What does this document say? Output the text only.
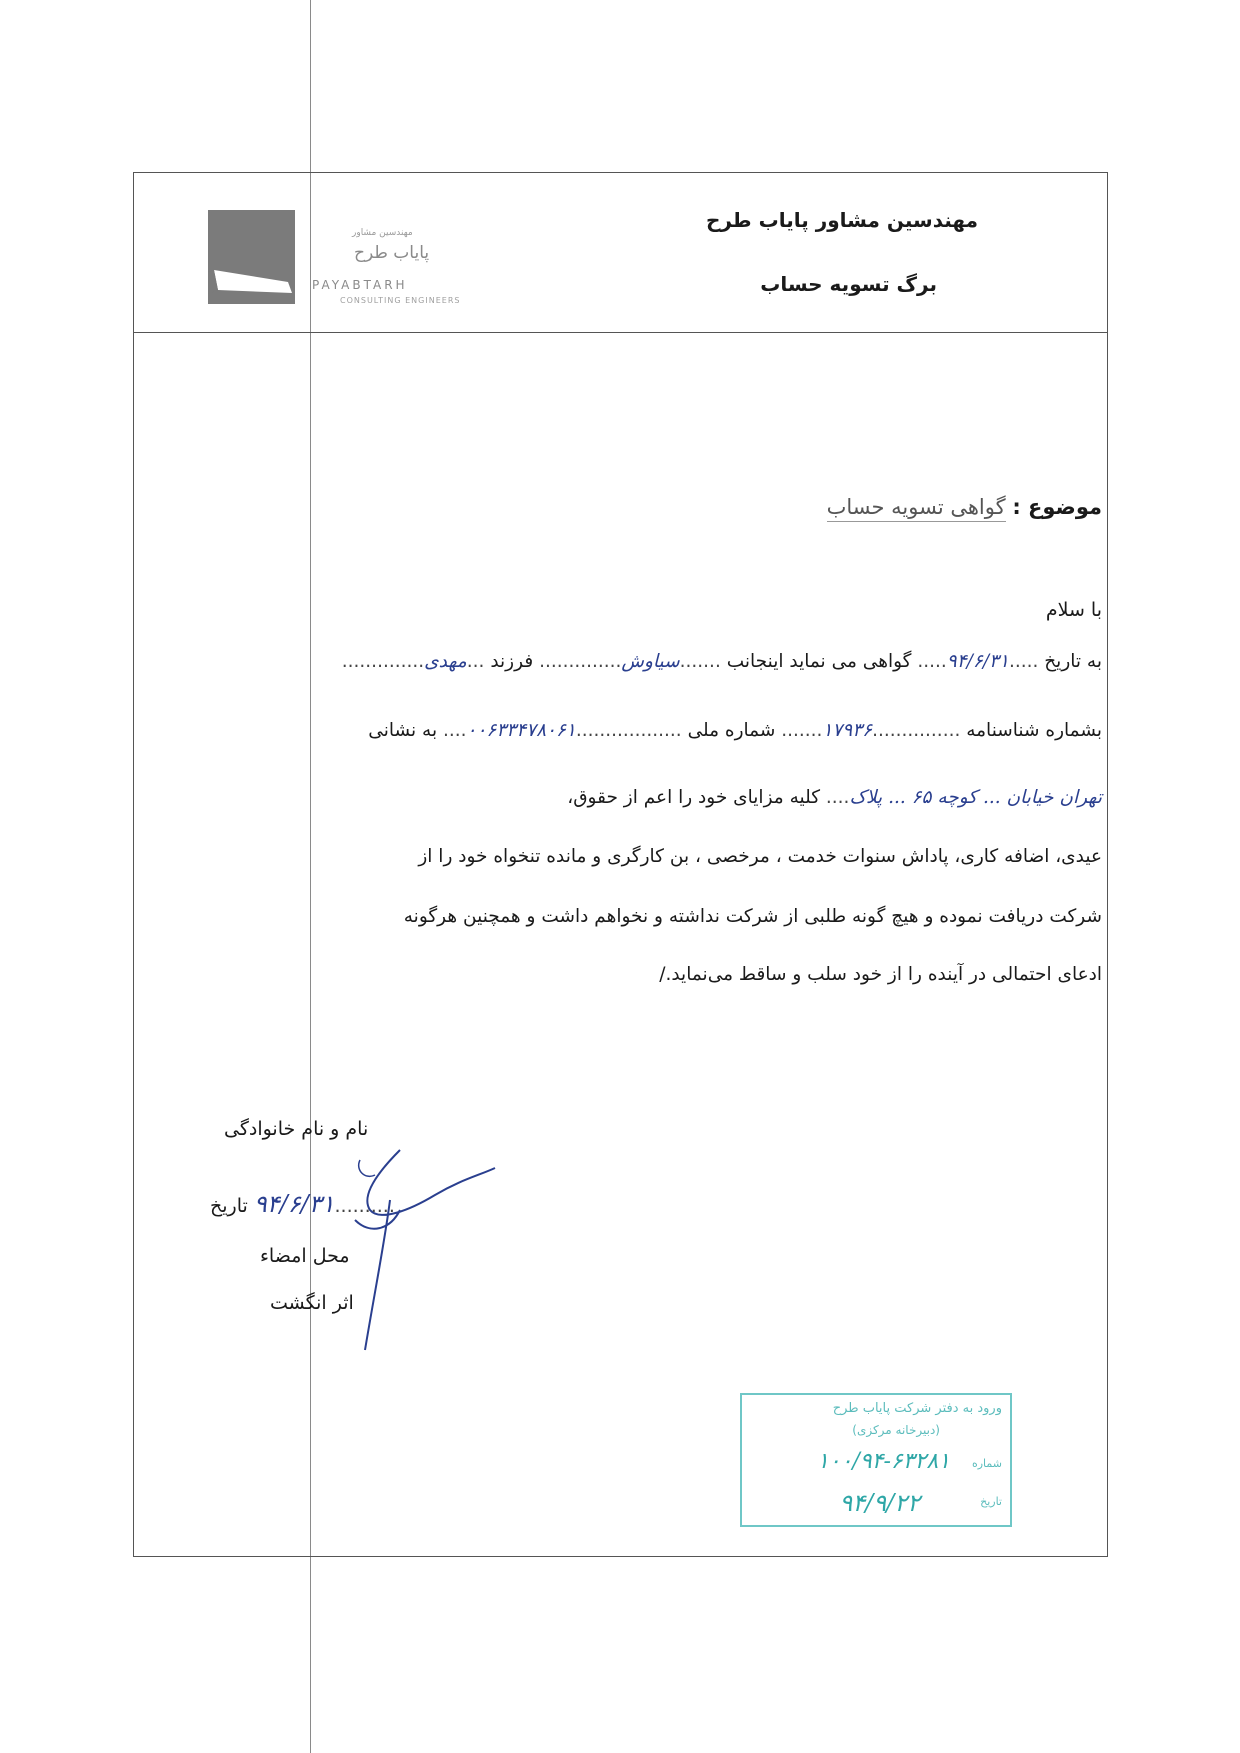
مهندسین مشاور
پایاب طرح
PAYABTARH
CONSULTING ENGINEERS
مهندسین مشاور پایاب طرح
برگ تسویه حساب
موضوع : گواهی تسویه حساب
با سلام
به تاریخ .....۹۴/۶/۳۱..... گواهی می نماید اینجانب .......سیاوش.............. فرزند ...مهدی..............
بشماره شناسنامه ...............۱۷۹۳۶....... شماره ملی ..................۰۰۶۳۳۴۷۸۰۶۱.... به نشانی
تهران خیابان ... کوچه ۶۵ ... پلاک.... کلیه مزایای خود را اعم از حقوق،
عیدی، اضافه کاری، پاداش سنوات خدمت ، مرخصی ، بن کارگری و مانده تنخواه خود را از
شرکت دریافت نموده و هیچ گونه طلبی از شرکت نداشته و نخواهم داشت و همچنین هرگونه
ادعای احتمالی در آینده را از خود سلب و ساقط می‌نماید./
نام و نام خانوادگی
..........۹۴/۶/۳۱ تاریخ
محل امضاء
اثر انگشت
ورود به دفتر شرکت پایاب طرح
(دبیرخانه مرکزی)
شماره
۱۰۰/۹۴-۶۳۲۸۱
تاریخ
۹۴/۹/۲۲
